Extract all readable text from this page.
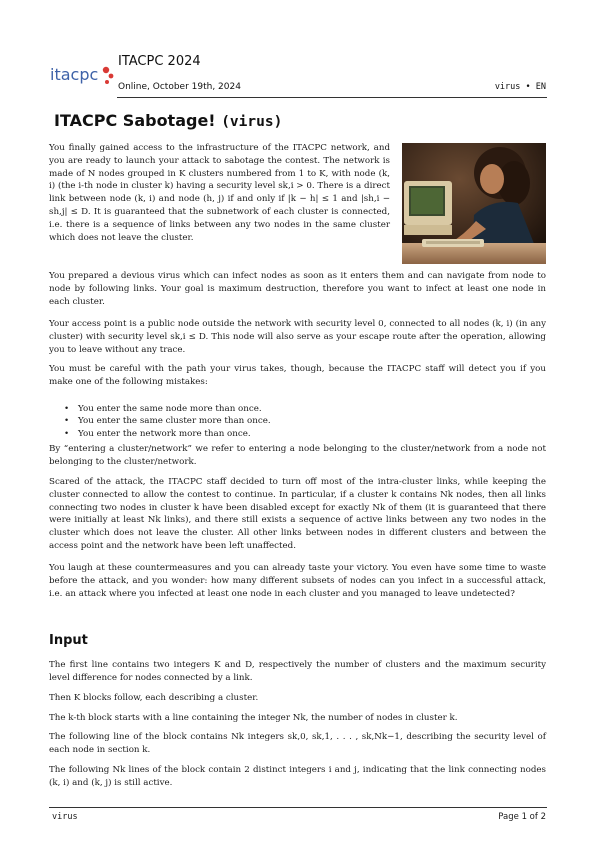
itacpc
ITACPC 2024
Online, October 19th, 2024	virus • EN
ITACPC Sabotage! (virus)
You finally gained access to the infrastructure of the ITACPC network, and you are ready to launch your attack to sabotage the contest. The network is made of N nodes grouped in K clusters numbered from 1 to K, with node (k, i) (the i-th node in cluster k) having a security level sk,i > 0. There is a direct link between node (k, i) and node (h, j) if and only if |k − h| ≤ 1 and |sh,i − sh,j| ≤ D. It is guaranteed that the subnetwork of each cluster is connected, i.e. there is a sequence of links between any two nodes in the same cluster which does not leave the cluster.
You prepared a devious virus which can infect nodes as soon as it enters them and can navigate from node to node by following links. Your goal is maximum destruction, therefore you want to infect at least one node in each cluster.
Your access point is a public node outside the network with security level 0, connected to all nodes (k, i) (in any cluster) with security level sk,i ≤ D. This node will also serve as your escape route after the operation, allowing you to leave without any trace.
You must be careful with the path your virus takes, though, because the ITACPC staff will detect you if you make one of the following mistakes:
• You enter the same node more than once.
• You enter the same cluster more than once.
• You enter the network more than once.
By “entering a cluster/network” we refer to entering a node belonging to the cluster/network from a node not belonging to the cluster/network.
Scared of the attack, the ITACPC staff decided to turn off most of the intra-cluster links, while keeping the cluster connected to allow the contest to continue. In particular, if a cluster k contains Nk nodes, then all links connecting two nodes in cluster k have been disabled except for exactly Nk of them (it is guaranteed that there were initially at least Nk links), and there still exists a sequence of active links between any two nodes in the cluster which does not leave the cluster. All other links between nodes in different clusters and between the access point and the network have been left unaffected.
You laugh at these countermeasures and you can already taste your victory. You even have some time to waste before the attack, and you wonder: how many different subsets of nodes can you infect in a successful attack, i.e. an attack where you infected at least one node in each cluster and you managed to leave undetected?
Input
The first line contains two integers K and D, respectively the number of clusters and the maximum security level difference for nodes connected by a link.
Then K blocks follow, each describing a cluster.
The k-th block starts with a line containing the integer Nk, the number of nodes in cluster k.
The following line of the block contains Nk integers sk,0, sk,1, . . . , sk,Nk−1, describing the security level of each node in section k.
The following Nk lines of the block contain 2 distinct integers i and j, indicating that the link connecting nodes (k, i) and (k, j) is still active.
virus	Page 1 of 2
